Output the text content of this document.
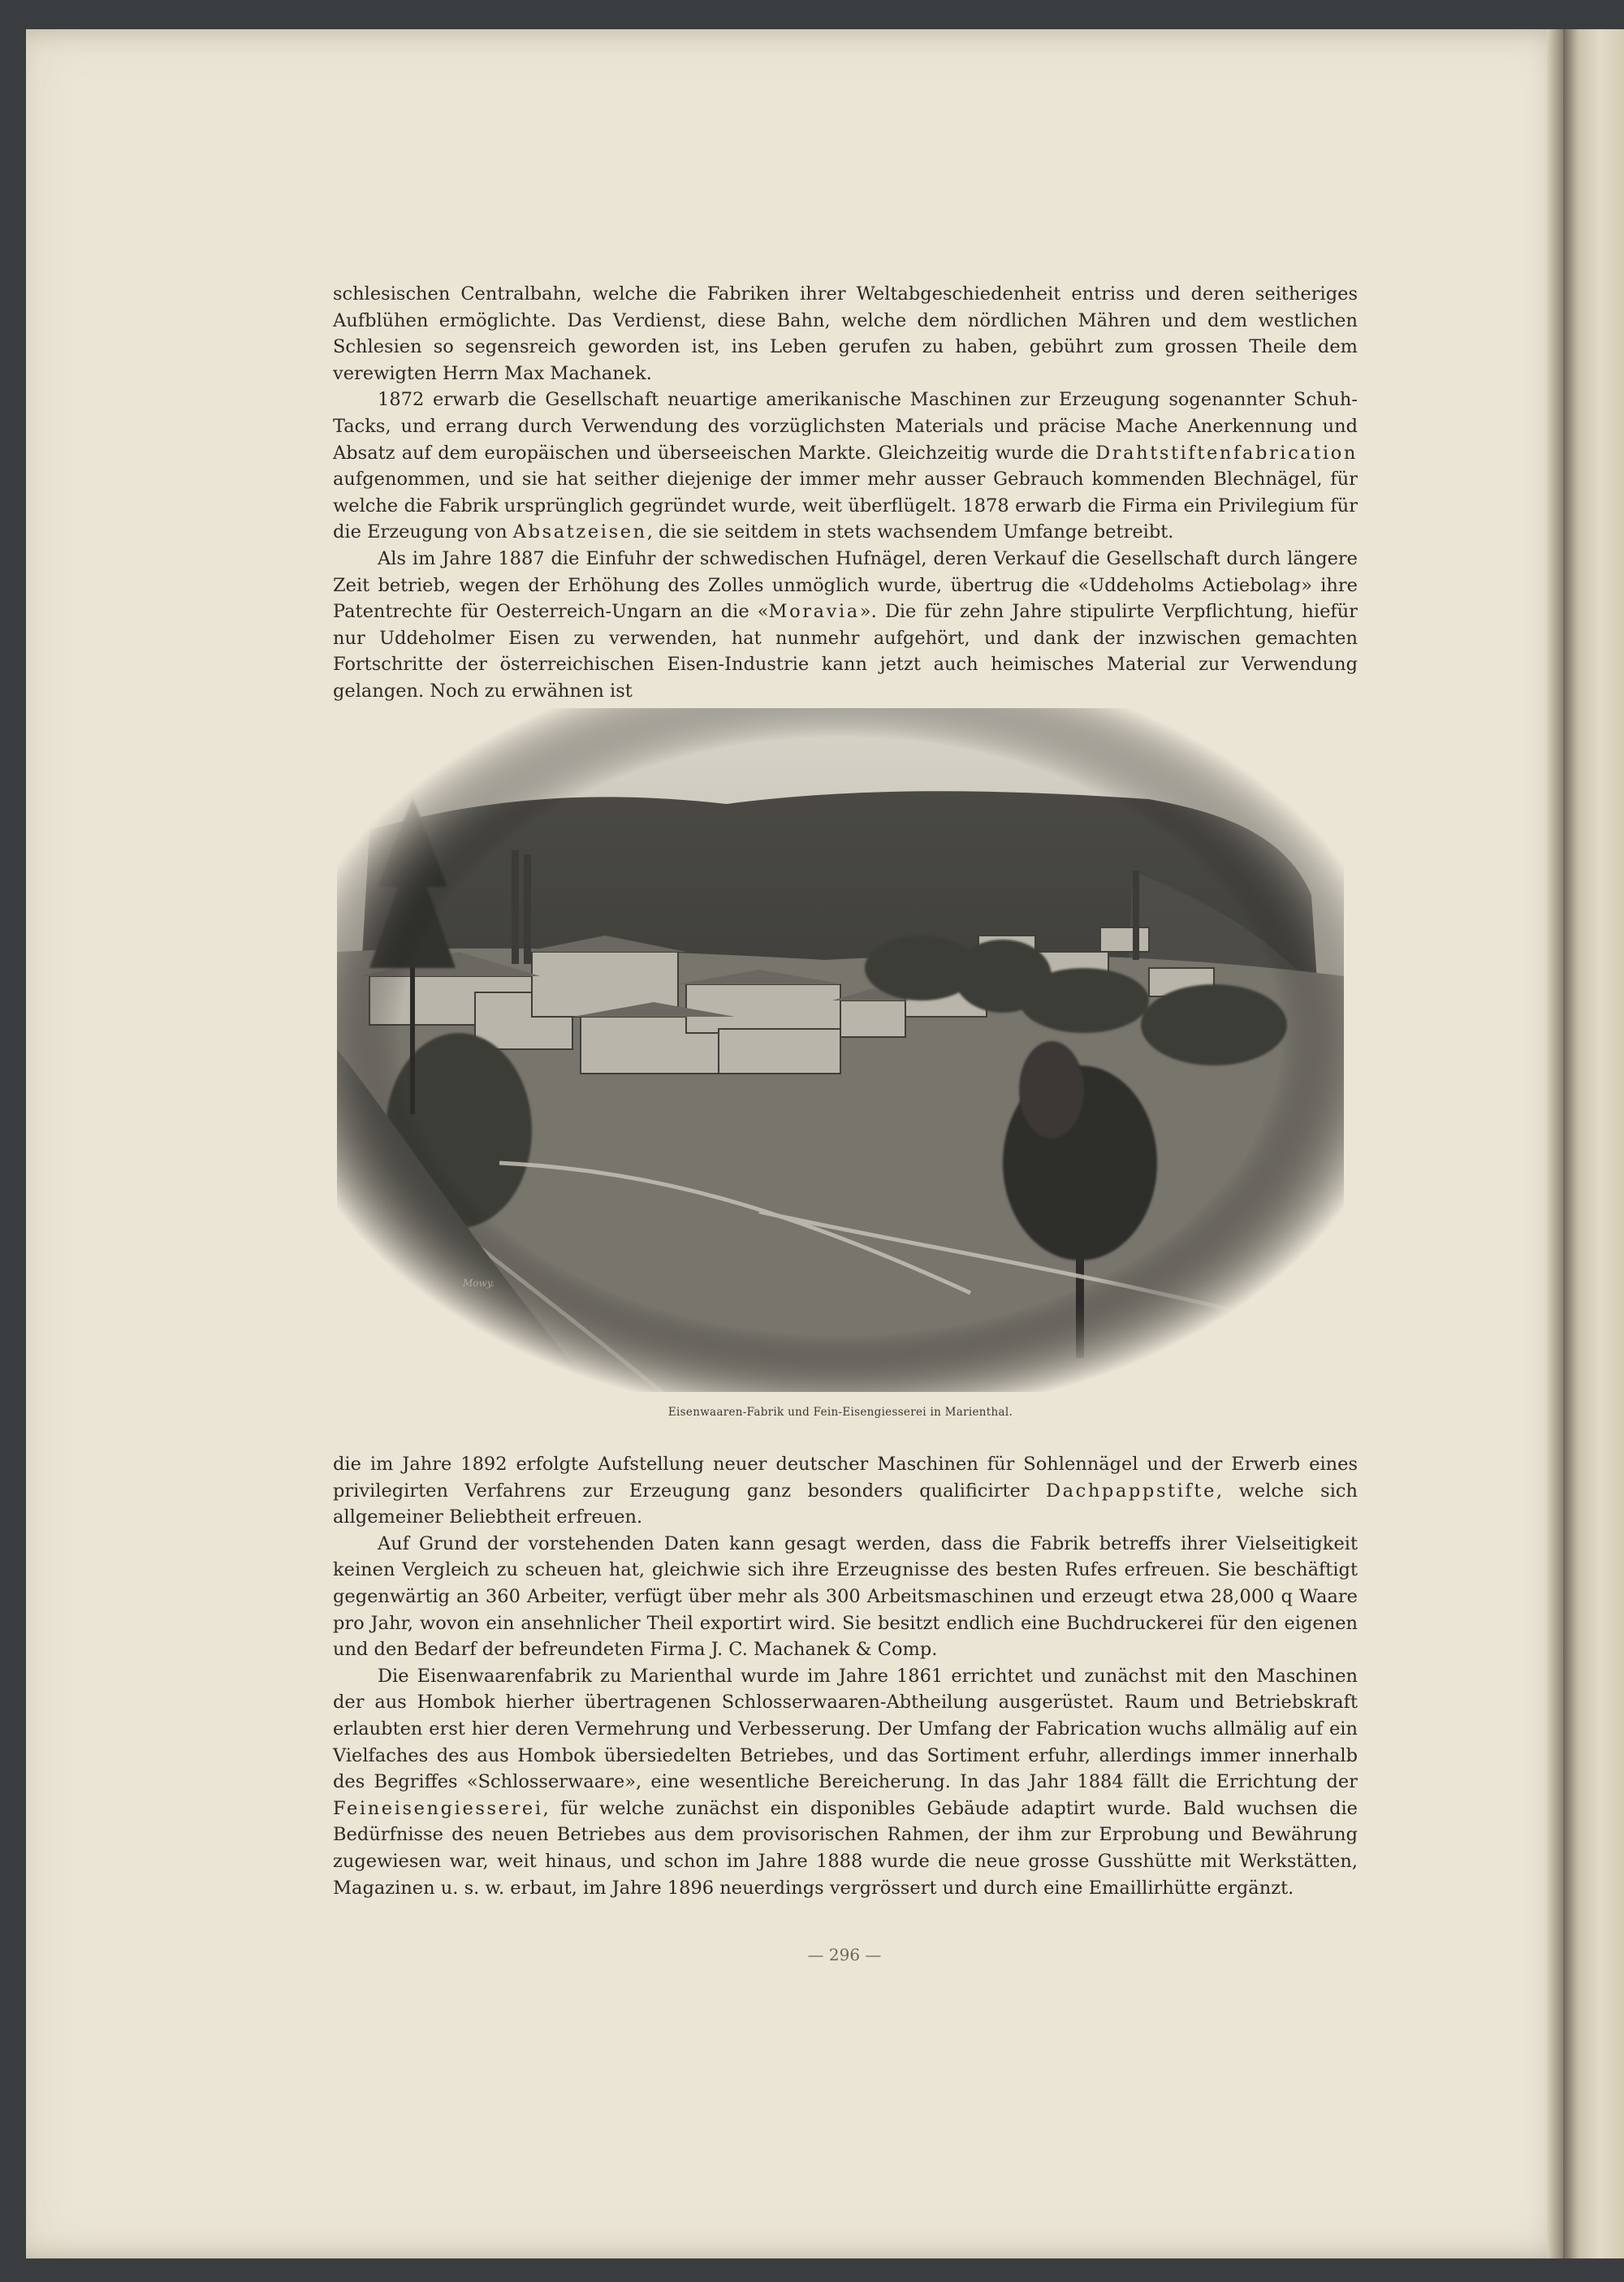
schlesischen Centralbahn, welche die Fabriken ihrer Weltabgeschiedenheit entriss und deren seitheriges Aufblühen ermöglichte. Das Verdienst, diese Bahn, welche dem nördlichen Mähren und dem westlichen Schlesien so segensreich geworden ist, ins Leben gerufen zu haben, gebührt zum grossen Theile dem verewigten Herrn Max Machanek.

1872 erwarb die Gesellschaft neuartige amerikanische Maschinen zur Erzeugung sogenannter Schuh-Tacks, und errang durch Verwendung des vorzüglichsten Materials und präcise Mache Anerkennung und Absatz auf dem europäischen und überseeischen Markte. Gleichzeitig wurde die Drahtstiftenfabrication aufgenommen, und sie hat seither diejenige der immer mehr ausser Gebrauch kommenden Blechnägel, für welche die Fabrik ursprünglich gegründet wurde, weit überflügelt. 1878 erwarb die Firma ein Privilegium für die Erzeugung von Absatzeisen, die sie seitdem in stets wachsendem Umfange betreibt.

Als im Jahre 1887 die Einfuhr der schwedischen Hufnägel, deren Verkauf die Gesellschaft durch längere Zeit betrieb, wegen der Erhöhung des Zolles unmöglich wurde, übertrug die «Uddeholms Actiebolag» ihre Patentrechte für Oesterreich-Ungarn an die «Moravia». Die für zehn Jahre stipulirte Verpflichtung, hiefür nur Uddeholmer Eisen zu verwenden, hat nunmehr aufgehört, und dank der inzwischen gemachten Fortschritte der österreichischen Eisen-Industrie kann jetzt auch heimisches Material zur Verwendung gelangen. Noch zu erwähnen ist

Eisenwaaren-Fabrik und Fein-Eisengiesserei in Marienthal.

die im Jahre 1892 erfolgte Aufstellung neuer deutscher Maschinen für Sohlennägel und der Erwerb eines privilegirten Verfahrens zur Erzeugung ganz besonders qualificirter Dachpappstifte, welche sich allgemeiner Beliebtheit erfreuen.

Auf Grund der vorstehenden Daten kann gesagt werden, dass die Fabrik betreffs ihrer Vielseitigkeit keinen Vergleich zu scheuen hat, gleichwie sich ihre Erzeugnisse des besten Rufes erfreuen. Sie beschäftigt gegenwärtig an 360 Arbeiter, verfügt über mehr als 300 Arbeitsmaschinen und erzeugt etwa 28,000 q Waare pro Jahr, wovon ein ansehnlicher Theil exportirt wird. Sie besitzt endlich eine Buchdruckerei für den eigenen und den Bedarf der befreundeten Firma J. C. Machanek & Comp.

Die Eisenwaarenfabrik zu Marienthal wurde im Jahre 1861 errichtet und zunächst mit den Maschinen der aus Hombok hierher übertragenen Schlosserwaaren-Abtheilung ausgerüstet. Raum und Betriebskraft erlaubten erst hier deren Vermehrung und Verbesserung. Der Umfang der Fabrication wuchs allmälig auf ein Vielfaches des aus Hombok übersiedelten Betriebes, und das Sortiment erfuhr, allerdings immer innerhalb des Begriffes «Schlosserwaare», eine wesentliche Bereicherung. In das Jahr 1884 fällt die Errichtung der Feineisengiesserei, für welche zunächst ein disponibles Gebäude adaptirt wurde. Bald wuchsen die Bedürfnisse des neuen Betriebes aus dem provisorischen Rahmen, der ihm zur Erprobung und Bewährung zugewiesen war, weit hinaus, und schon im Jahre 1888 wurde die neue grosse Gusshütte mit Werkstätten, Magazinen u. s. w. erbaut, im Jahre 1896 neuerdings vergrössert und durch eine Emaillirhütte ergänzt.

— 296 —
